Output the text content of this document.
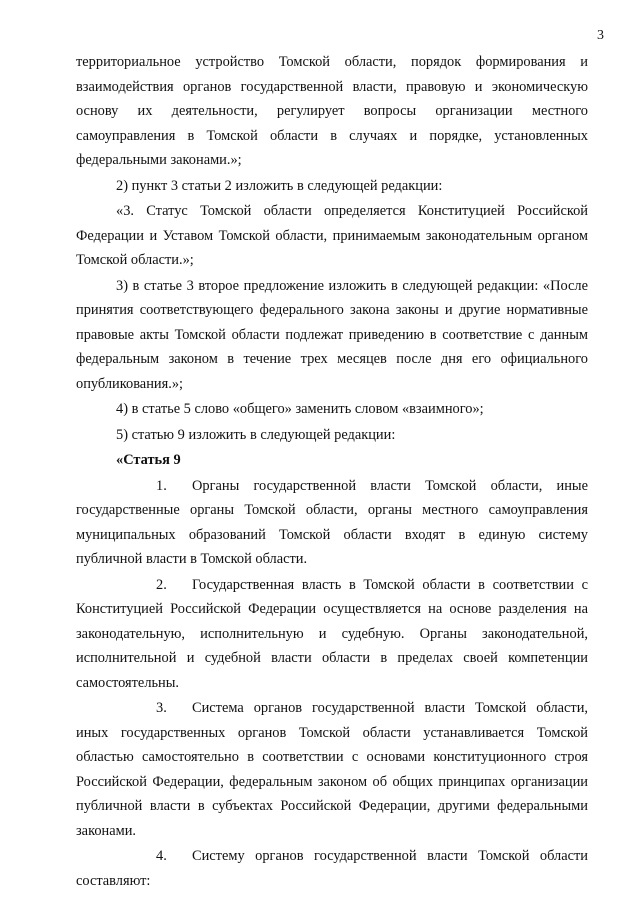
3

территориальное устройство Томской области, порядок формирования и взаимодействия органов государственной власти, правовую и экономическую основу их деятельности, регулирует вопросы организации местного самоуправления в Томской области в случаях и порядке, установленных федеральными законами.»;

2) пункт 3 статьи 2 изложить в следующей редакции:

«3. Статус Томской области определяется Конституцией Российской Федерации и Уставом Томской области, принимаемым законодательным органом Томской области.»;

3) в статье 3 второе предложение изложить в следующей редакции: «После принятия соответствующего федерального закона законы и другие нормативные правовые акты Томской области подлежат приведению в соответствие с данным федеральным законом в течение трех месяцев после дня его официального опубликования.»;

4) в статье 5 слово «общего» заменить словом «взаимного»;

5) статью 9 изложить в следующей редакции:

«Статья 9

1. Органы государственной власти Томской области, иные государственные органы Томской области, органы местного самоуправления муниципальных образований Томской области входят в единую систему публичной власти в Томской области.

2. Государственная власть в Томской области в соответствии с Конституцией Российской Федерации осуществляется на основе разделения на законодательную, исполнительную и судебную. Органы законодательной, исполнительной и судебной власти области в пределах своей компетенции самостоятельны.

3. Система органов государственной власти Томской области, иных государственных органов Томской области устанавливается Томской областью самостоятельно в соответствии с основами конституционного строя Российской Федерации, федеральным законом об общих принципах организации публичной власти в субъектах Российской Федерации, другими федеральными законами.

4. Систему органов государственной власти Томской области составляют:
